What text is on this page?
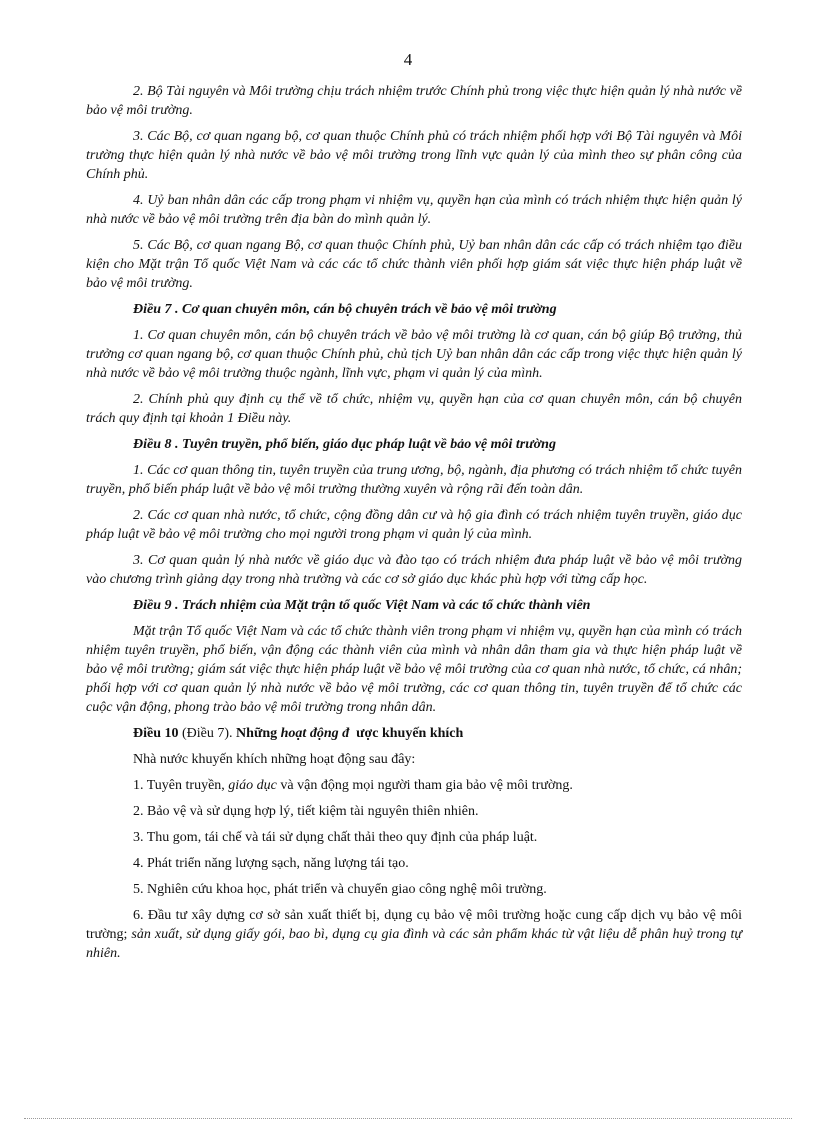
4

2. Bộ Tài nguyên và Môi trường chịu trách nhiệm trước Chính phủ trong việc thực hiện quản lý nhà nước về bảo vệ môi trường.

3. Các Bộ, cơ quan ngang bộ, cơ quan thuộc Chính phủ có trách nhiệm phối hợp với Bộ Tài nguyên và Môi trường thực hiện quản lý nhà nước về bảo vệ môi trường trong lĩnh vực quản lý của mình theo sự phân công của Chính phủ.

4. Uỷ ban nhân dân các cấp trong phạm vi nhiệm vụ, quyền hạn của mình có trách nhiệm thực hiện quản lý nhà nước về bảo vệ môi trường trên địa bàn do mình quản lý.

5. Các Bộ, cơ quan ngang Bộ, cơ quan thuộc Chính phủ, Uỷ ban nhân dân các cấp có trách nhiệm tạo điều kiện cho Mặt trận Tổ quốc Việt Nam và các các tổ chức thành viên phối hợp giám sát việc thực hiện pháp luật về bảo vệ môi trường.

Điều 7 . Cơ quan chuyên môn, cán bộ chuyên trách về bảo vệ môi trường

1. Cơ quan chuyên môn, cán bộ chuyên trách về bảo vệ môi trường là cơ quan, cán bộ giúp Bộ trưởng, thủ trưởng cơ quan ngang bộ, cơ quan thuộc Chính phủ, chủ tịch Uỷ ban nhân dân các cấp trong việc thực hiện quản lý nhà nước về bảo vệ môi trường thuộc ngành, lĩnh vực, phạm vi quản lý của mình.

2. Chính phủ quy định cụ thể về tổ chức, nhiệm vụ, quyền hạn của cơ quan chuyên môn, cán bộ chuyên trách quy định tại khoản 1 Điều này.

Điều 8 . Tuyên truyền, phổ biến, giáo dục pháp luật về bảo vệ môi trường

1. Các cơ quan thông tin, tuyên truyền của trung ương, bộ, ngành, địa phương có trách nhiệm tổ chức tuyên truyền, phổ biến pháp luật về bảo vệ môi trường thường xuyên và rộng rãi đến toàn dân.

2. Các cơ quan nhà nước, tổ chức, cộng đồng dân cư và hộ gia đình có trách nhiệm tuyên truyền, giáo dục pháp luật về bảo vệ môi trường cho mọi người trong phạm vi quản lý của mình.

3. Cơ quan quản lý nhà nước về giáo dục và đào tạo có trách nhiệm đưa pháp luật về bảo vệ môi trường vào chương trình giảng dạy trong nhà trường và các cơ sở giáo dục khác phù hợp với từng cấp học.

Điều 9 . Trách nhiệm của Mặt trận tổ quốc Việt Nam và các tổ chức thành viên

Mặt trận Tổ quốc Việt Nam và các tổ chức thành viên trong phạm vi nhiệm vụ, quyền hạn của mình có trách nhiệm tuyên truyền, phổ biến, vận động các thành viên của mình và nhân dân tham gia và thực hiện pháp luật về bảo vệ môi trường; giám sát việc thực hiện pháp luật về bảo vệ môi trường của cơ quan nhà nước, tổ chức, cá nhân; phối hợp với cơ quan quản lý nhà nước về bảo vệ môi trường, các cơ quan thông tin, tuyên truyền để tổ chức các cuộc vận động, phong trào bảo vệ môi trường trong nhân dân.

Điều 10 (Điều 7). Những hoạt động đ ược khuyến khích

Nhà nước khuyến khích những hoạt động sau đây:

1. Tuyên truyền, giáo dục và vận động mọi người tham gia bảo vệ môi trường.

2. Bảo vệ và sử dụng hợp lý, tiết kiệm tài nguyên thiên nhiên.

3. Thu gom, tái chế và tái sử dụng chất thải theo quy định của pháp luật.

4. Phát triển năng lượng sạch, năng lượng tái tạo.

5. Nghiên cứu khoa học, phát triển và chuyển giao công nghệ môi trường.

6. Đầu tư xây dựng cơ sở sản xuất thiết bị, dụng cụ bảo vệ môi trường hoặc cung cấp dịch vụ bảo vệ môi trường; sản xuất, sử dụng giấy gói, bao bì, dụng cụ gia đình và các sản phẩm khác từ vật liệu dễ phân huỷ trong tự nhiên.
